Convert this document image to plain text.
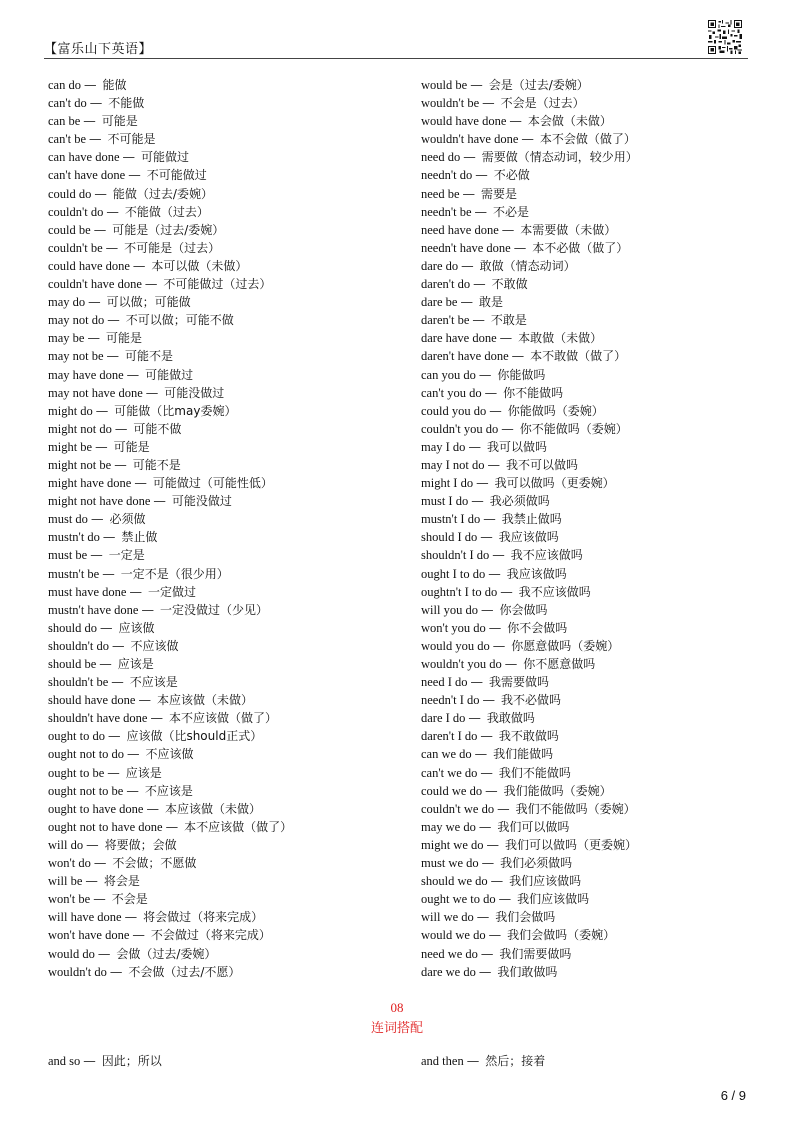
【富乐山下英语】
can do — 能做
can't do — 不能做
can be — 可能是
can't be — 不可能是
can have done — 可能做过
can't have done — 不可能做过
could do — 能做（过去/委婉）
couldn't do — 不能做（过去）
could be — 可能是（过去/委婉）
couldn't be — 不可能是（过去）
could have done — 本可以做（未做）
couldn't have done — 不可能做过（过去）
may do — 可以做；可能做
may not do — 不可以做；可能不做
may be — 可能是
may not be — 可能不是
may have done — 可能做过
may not have done — 可能没做过
might do — 可能做（比may委婉）
might not do — 可能不做
might be — 可能是
might not be — 可能不是
might have done — 可能做过（可能性低）
might not have done — 可能没做过
must do — 必须做
mustn't do — 禁止做
must be — 一定是
mustn't be — 一定不是（很少用）
must have done — 一定做过
mustn't have done — 一定没做过（少见）
should do — 应该做
shouldn't do — 不应该做
should be — 应该是
shouldn't be — 不应该是
should have done — 本应该做（未做）
shouldn't have done — 本不应该做（做了）
ought to do — 应该做（比should正式）
ought not to do — 不应该做
ought to be — 应该是
ought not to be — 不应该是
ought to have done — 本应该做（未做）
ought not to have done — 本不应该做（做了）
will do — 将要做；会做
won't do — 不会做；不愿做
will be — 将会是
won't be — 不会是
will have done — 将会做过（将来完成）
won't have done — 不会做过（将来完成）
would do — 会做（过去/委婉）
wouldn't do — 不会做（过去/不愿）
would be — 会是（过去/委婉）
wouldn't be — 不会是（过去）
would have done — 本会做（未做）
wouldn't have done — 本不会做（做了）
need do — 需要做（情态动词，较少用）
needn't do — 不必做
need be — 需要是
needn't be — 不必是
need have done — 本需要做（未做）
needn't have done — 本不必做（做了）
dare do — 敢做（情态动词）
daren't do — 不敢做
dare be — 敢是
daren't be — 不敢是
dare have done — 本敢做（未做）
daren't have done — 本不敢做（做了）
can you do — 你能做吗
can't you do — 你不能做吗
could you do — 你能做吗（委婉）
couldn't you do — 你不能做吗（委婉）
may I do — 我可以做吗
may I not do — 我不可以做吗
might I do — 我可以做吗（更委婉）
must I do — 我必须做吗
mustn't I do — 我禁止做吗
should I do — 我应该做吗
shouldn't I do — 我不应该做吗
ought I to do — 我应该做吗
oughtn't I to do — 我不应该做吗
will you do — 你会做吗
won't you do — 你不会做吗
would you do — 你愿意做吗（委婉）
wouldn't you do — 你不愿意做吗
need I do — 我需要做吗
needn't I do — 我不必做吗
dare I do — 我敢做吗
daren't I do — 我不敢做吗
can we do — 我们能做吗
can't we do — 我们不能做吗
could we do — 我们能做吗（委婉）
couldn't we do — 我们不能做吗（委婉）
may we do — 我们可以做吗
might we do — 我们可以做吗（更委婉）
must we do — 我们必须做吗
should we do — 我们应该做吗
ought we to do — 我们应该做吗
will we do — 我们会做吗
would we do — 我们会做吗（委婉）
need we do — 我们需要做吗
dare we do — 我们敢做吗
08
连词搭配
and so — 因此；所以	and then — 然后；接着
6 / 9
